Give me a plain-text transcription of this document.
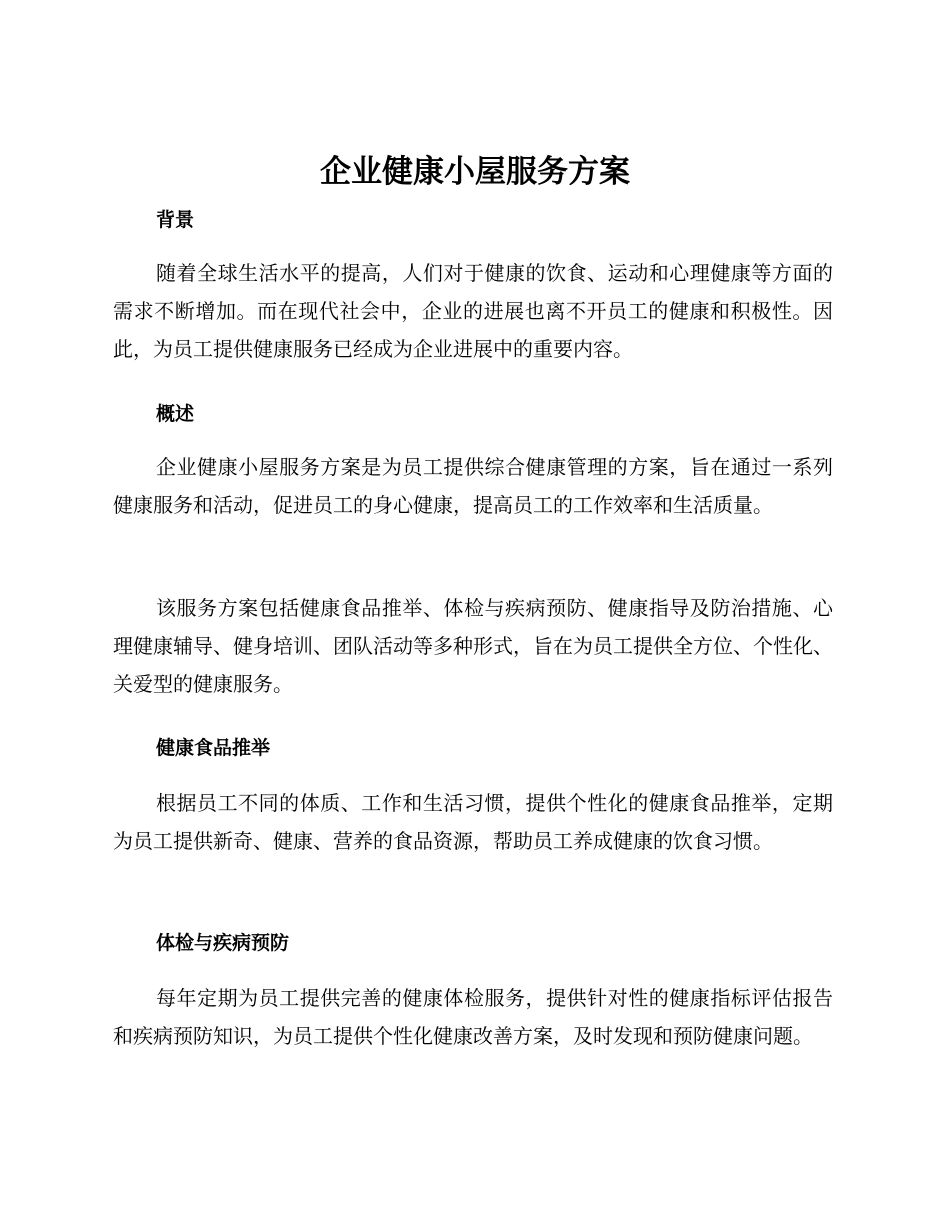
企业健康小屋服务方案
背景

随着全球生活水平的提高，人们对于健康的饮食、运动和心理健康等方面的需求不断增加。而在现代社会中，企业的进展也离不开员工的健康和积极性。因此，为员工提供健康服务已经成为企业进展中的重要内容。

概述

企业健康小屋服务方案是为员工提供综合健康管理的方案，旨在通过一系列健康服务和活动，促进员工的身心健康，提高员工的工作效率和生活质量。

该服务方案包括健康食品推举、体检与疾病预防、健康指导及防治措施、心理健康辅导、健身培训、团队活动等多种形式，旨在为员工提供全方位、个性化、关爱型的健康服务。

健康食品推举

根据员工不同的体质、工作和生活习惯，提供个性化的健康食品推举，定期为员工提供新奇、健康、营养的食品资源，帮助员工养成健康的饮食习惯。

体检与疾病预防

每年定期为员工提供完善的健康体检服务，提供针对性的健康指标评估报告和疾病预防知识，为员工提供个性化健康改善方案，及时发现和预防健康问题。
